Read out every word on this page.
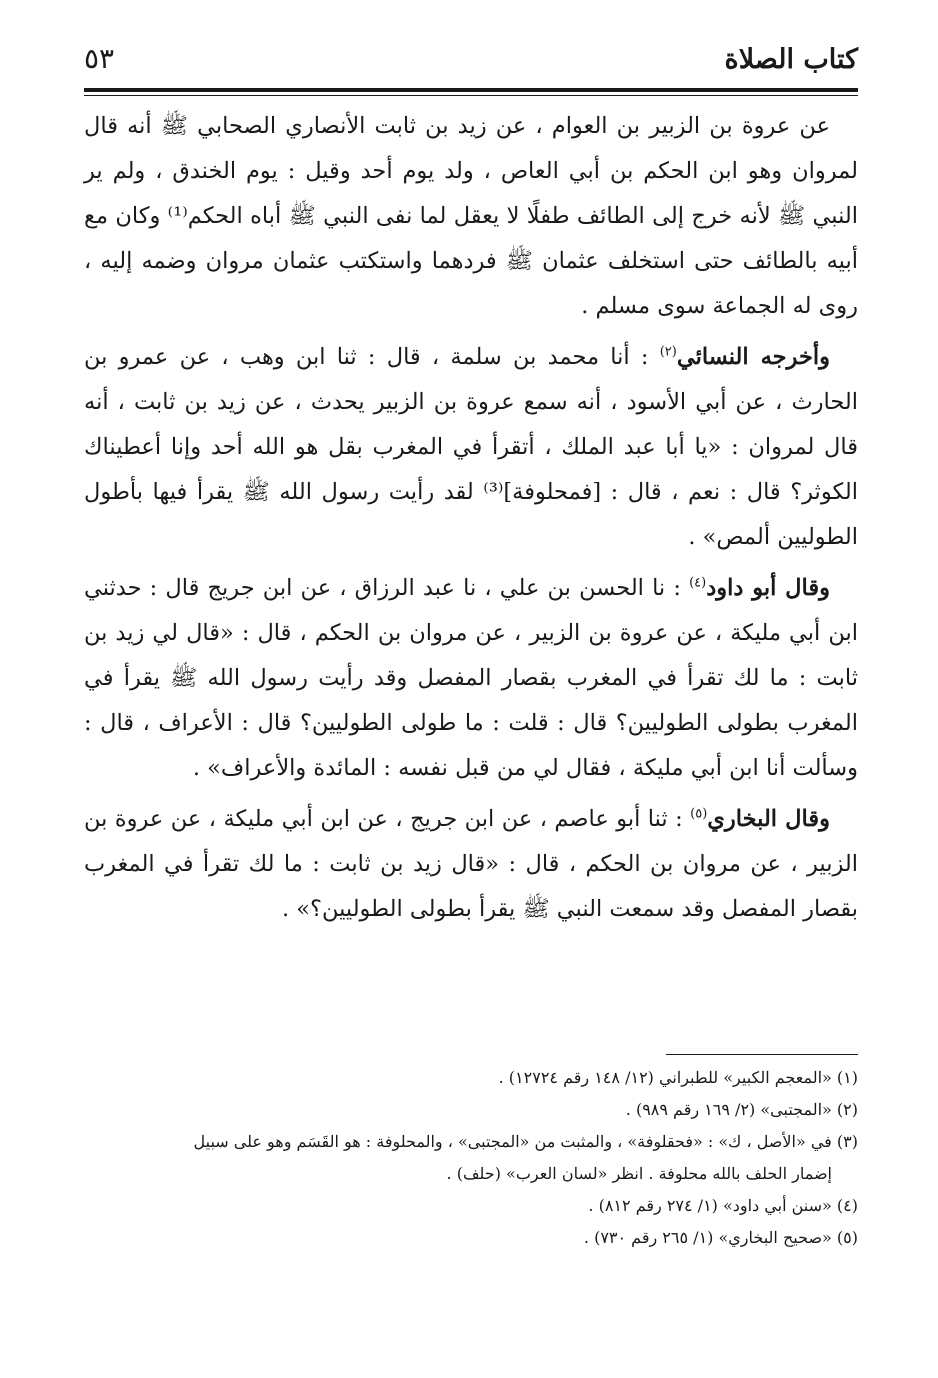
كتاب الصلاة
٥٣

عن عروة بن الزبير بن العوام ، عن زيد بن ثابت الأنصاري الصحابي ﷺ أنه قال لمروان وهو ابن الحكم بن أبي العاص ، ولد يوم أحد وقيل : يوم الخندق ، ولم ير النبي ﷺ لأنه خرج إلى الطائف طفلًا لا يعقل لما نفى النبي ﷺ أباه الحكم⁽¹⁾ وكان مع أبيه بالطائف حتى استخلف عثمان ﷺ فردهما واستكتب عثمان مروان وضمه إليه ، روى له الجماعة سوى مسلم .

وأخرجه النسائي$^{(٢)}$ : أنا محمد بن سلمة ، قال : ثنا ابن وهب ، عن عمرو بن الحارث ، عن أبي الأسود ، أنه سمع عروة بن الزبير يحدث ، عن زيد بن ثابت ، أنه قال لمروان : «يا أبا عبد الملك ، أتقرأ في المغرب بقل هو الله أحد وإنا أعطيناك الكوثر؟ قال : نعم ، قال : [فمحلوفة]⁽³⁾ لقد رأيت رسول الله ﷺ يقرأ فيها بأطول الطوليين ألمص» .

وقال أبو داود$^{(٤)}$ : نا الحسن بن علي ، نا عبد الرزاق ، عن ابن جريج قال : حدثني ابن أبي مليكة ، عن عروة بن الزبير ، عن مروان بن الحكم ، قال : «قال لي زيد بن ثابت : ما لك تقرأ في المغرب بقصار المفصل وقد رأيت رسول الله ﷺ يقرأ في المغرب بطولى الطوليين؟ قال : قلت : ما طولى الطوليين؟ قال : الأعراف ، قال : وسألت أنا ابن أبي مليكة ، فقال لي من قبل نفسه : المائدة والأعراف» .

وقال البخاري$^{(٥)}$ : ثنا أبو عاصم ، عن ابن جريج ، عن ابن أبي مليكة ، عن عروة بن الزبير ، عن مروان بن الحكم ، قال : «قال زيد بن ثابت : ما لك تقرأ في المغرب بقصار المفصل وقد سمعت النبي ﷺ يقرأ بطولى الطوليين؟» .

(١) «المعجم الكبير» للطبراني (١٢/ ١٤٨ رقم ١٢٧٢٤) .

(٢) «المجتبى» (٢/ ١٦٩ رقم ٩٨٩) .

(٣) في «الأصل ، ك» : «فحقلوفة» ، والمثبت من «المجتبى» ، والمحلوفة : هو القَسَم وهو على سبيل
إضمار الحلف بالله محلوفة . انظر «لسان العرب» (حلف) .

(٤) «سنن أبي داود» (١/ ٢٧٤ رقم ٨١٢) .

(٥) «صحيح البخاري» (١/ ٢٦٥ رقم ٧٣٠) .
